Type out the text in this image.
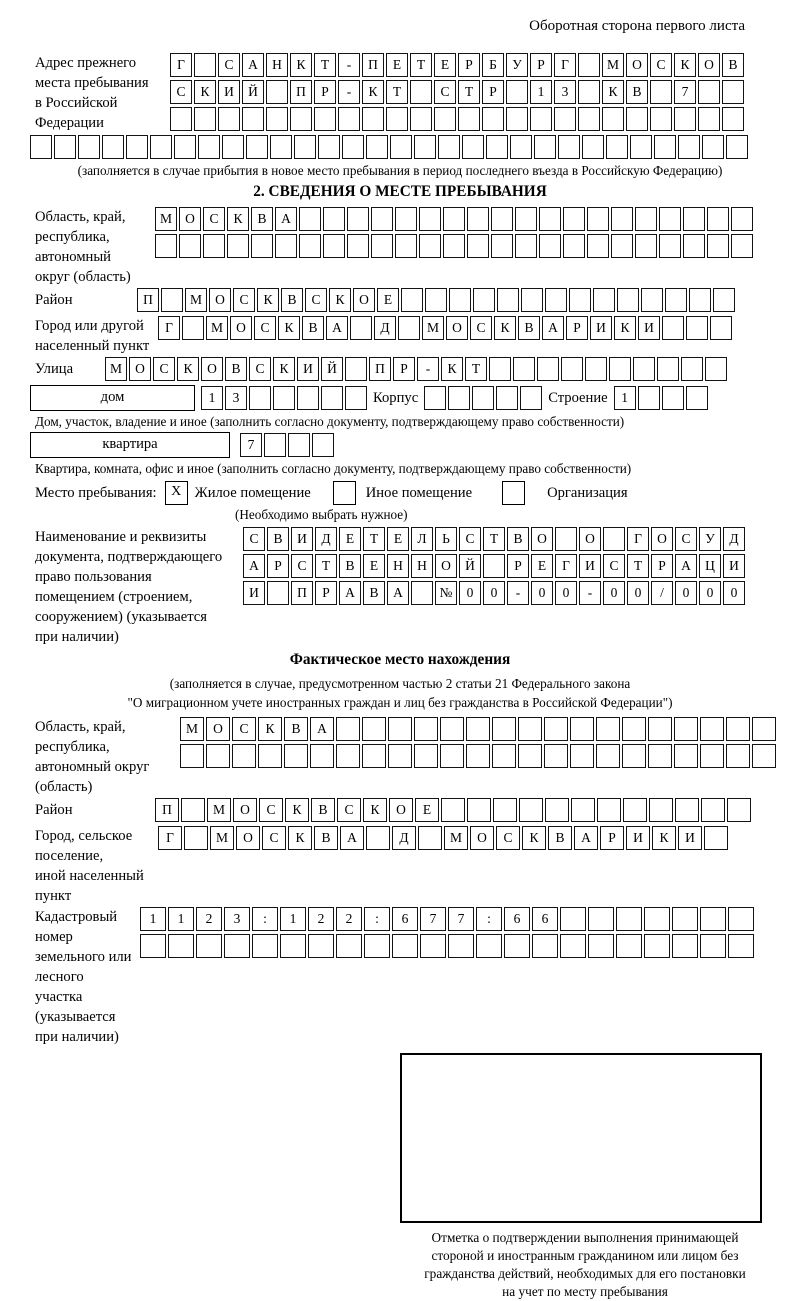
Оборотная сторона первого листа
Адрес прежнего
места пребывания
в Российской
Федерации
Г	С	А	Н	К	Т	-	П	Е	Т	Е	Р	Б	У	Р	Г	М О	С	К	О	В
С	К	И	Й	П	Р	-	К	Т	С	Т	Р	1	3	К	В	7
(заполняется в случае прибытия в новое место пребывания в период последнего въезда в Российскую Федерацию)
2. СВЕДЕНИЯ О МЕСТЕ ПРЕБЫВАНИЯ
Область, край,
республика,
автономный
округ (область)
М О	С	К	В	А
Район	П	М О	С	К	В	С	К	О	Е
Город или другой
населенный пункт
Г	М О	С	К	В	А	Д	М О	С	К	В	А	Р	И	К	И
Улица	М О	С	К	О	В	С	К	И	Й	П	Р	-	К	Т
дом	1	3	Корпус	Строение	1
Дом, участок, владение и иное (заполнить согласно документу, подтверждающему право собственности)
квартира	7
Квартира, комната, офис и иное (заполнить согласно документу, подтверждающему право собственности)
Место пребывания:	X Жилое помещение	Иное помещение	Организация
(Необходимо выбрать нужное)
Наименование и реквизиты
документа, подтверждающего
право пользования
помещением (строением,
сооружением) (указывается
при наличии)
С	В	И	Д	Е	Т	Е	Л	Ь	С	Т	В	О	О	Г	О	С	У	Д
А	Р	С	Т	В	Е	Н	Н	О	Й	Р	Е	Г	И	С	Т	Р	А	Ц	И
И	П	Р	А	В	А	№	0	0	-	0	0	-	0	0	/	0	0	0
Фактическое место нахождения
(заполняется в случае, предусмотренном частью 2 статьи 21 Федерального закона
"О миграционном учете иностранных граждан и лиц без гражданства в Российской Федерации")
Область, край,
республика,
автономный округ
(область)
М	О	С	К	В	А
Район	П	М	О	С	К	В	С	К	О	Е
Город, сельское поселение,
иной населенный пункт
Г	М	О	С	К	В	А	Д	М	О	С	К	В	А	Р	И	К	И
Кадастровый номер
земельного или лесного
участка (указывается
при наличии)
1	1	2	3	:	1	2	2	:	6	7	7	:	6	6
Отметка о подтверждении выполнения принимающей
стороной и иностранным гражданином или лицом без
гражданства действий, необходимых для его постановки
на учет по месту пребывания
